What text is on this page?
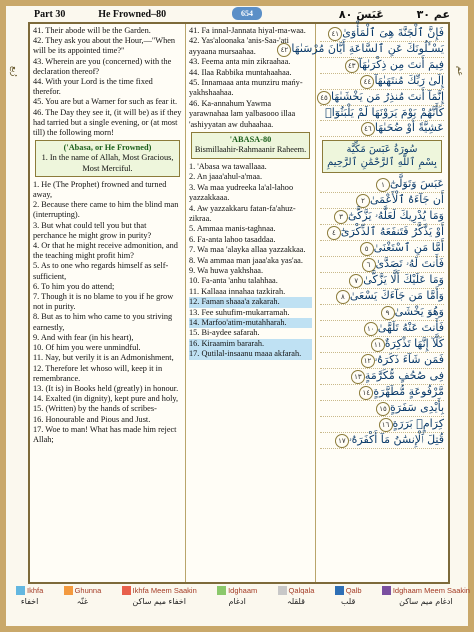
Part 30	He Frowned–80	654	عَبَسَ ٨٠	عم ٣٠
رُبع	عم

41. Their abode will be the Garden.

42. They ask you about the Hour,—"When will be its appointed time?"

43. Wherein are you (concerned) with the declaration thereof?

44. With your Lord is the time fixed therefor.

45. You are but a Warner for such as fear it.

46. The Day they see it, (it will be) as if they had tarried but a single evening, or (at most till) the following morn!

('Abasa, or He Frowned)
1. In the name of Allah, Most Gracious, Most Merciful.

1. He (The Prophet) frowned and turned away,

2. Because there came to him the blind man (interrupting).

3. But what could tell you but that perchance he might grow in purity?

4. Or that he might receive admonition, and the teaching might profit him?

5. As to one who regards himself as self-sufficient,

6. To him you do attend;

7. Though it is no blame to you if he grow not in purity.

8. But as to him who came to you striving earnestly,

9. And with fear (in his heart),

10. Of him you were unmindful.

11. Nay, but verily it is an Admonishment,

12. Therefore let whoso will, keep it in remembrance.

13. (It is) in Books held (greatly) in honour.

14. Exalted (in dignity), kept pure and holy,

15. (Written) by the hands of scribes-

16. Honourable and Pious and Just.

17. Woe to man! What has made him reject Allah;

41. Fa innal-Jannata hiyal-ma-waa.

42. Yas'aloonaka 'anis-Saa-'ati ayyaana mursaahaa.

43. Feema anta min zikraahaa.

44. Ilaa Rabbika muntahaahaa.

45. Innamaaa anta munziru mańy-yakhshaahaa.

46. Ka-annahum Yawma yarawnahaa lam yalbasooo illaa 'ashiyyatan aw duhaahaa.

'ABASA-80
Bismillaahir-Rahmaanir Raheem.

1. 'Abasa wa tawallaaa.

2. An jaaa'ahul-a'maa.

3. Wa maa yudreeka la'al-lahoo yazzakkaaa.

4. Aw yazzakkaru fatan-fa'ahuz-zikraa.

5. Ammaa manis-taghnaa.

6. Fa-anta lahoo tasaddaa.

7. Wa maa 'alayka allaa yazzakkaa.

8. Wa ammaa man jaaa'aka yas'aa.

9. Wa huwa yakhshaa.

10. Fa-anta 'anhu talahhaa.

11. Kallaaa innahaa tazkirah.

12. Faman shaaa'a zakarah.

13. Fee suhufim-mukarramah.

14. Marfoo'atim-mutahharah.

15. Bi-aydee safarah.

16. Kiraamim bararah.

17. Qutilal-insaanu maaa akfarah.

فَإِنَّ ٱلْجَنَّةَ هِىَ ٱلْمَأْوَىٰ٤١
يَسْـَٔلُونَكَ عَنِ ٱلسَّاعَةِ أَيَّانَ مُرْسَىٰهَا٤٢
فِيمَ أَنتَ مِن ذِكْرَىٰهَآ٤٣
إِلَىٰ رَبِّكَ مُنتَهَىٰهَآ٤٤
إِنَّمَآ أَنتَ مُنذِرُ مَن يَخْشَىٰهَا٤٥
كَأَنَّهُمْ يَوْمَ يَرَوْنَهَا لَمْ يَلْبَثُوٓا۟
عَشِيَّةً أَوْ ضُحَىٰهَا٤٦
سُورَةُ عَبَسَ مَكِّيَّة
بِسْمِ ٱللَّهِ ٱلرَّحْمَٰنِ ٱلرَّحِيمِ
عَبَسَ وَتَوَلَّىٰٓ١
أَن جَآءَهُ ٱلْأَعْمَىٰ٢
وَمَا يُدْرِيكَ لَعَلَّهُۥ يَزَّكَّىٰٓ٣
أَوْ يَذَّكَّرُ فَتَنفَعَهُ ٱلذِّكْرَىٰٓ٤
أَمَّا مَنِ ٱسْتَغْنَىٰ٥
فَأَنتَ لَهُۥ تَصَدَّىٰ٦
وَمَا عَلَيْكَ أَلَّا يَزَّكَّىٰ٧
وَأَمَّا مَن جَآءَكَ يَسْعَىٰ٨
وَهُوَ يَخْشَىٰ٩
فَأَنتَ عَنْهُ تَلَهَّىٰ١٠
كَلَّآ إِنَّهَا تَذْكِرَةٌ١١
فَمَن شَآءَ ذَكَرَهُۥ١٢
فِى صُحُفٍ مُّكَرَّمَةٍ١٣
مَّرْفُوعَةٍ مُّطَهَّرَةٍ١٤
بِأَيْدِى سَفَرَةٍ١٥
كِرَامٍۭ بَرَرَةٍ١٦
قُتِلَ ٱلْإِنسَٰنُ مَآ أَكْفَرَهُۥ١٧
Ikhfa
اخفاء
Ghunna
غنّہ
Ikhfa Meem Saakin
اخفاء میم ساکن
Idghaam
ادغام
Qalqala
قلقلہ
Qalb
قلب
Idghaam Meem Saakin
ادغام میم ساکن
